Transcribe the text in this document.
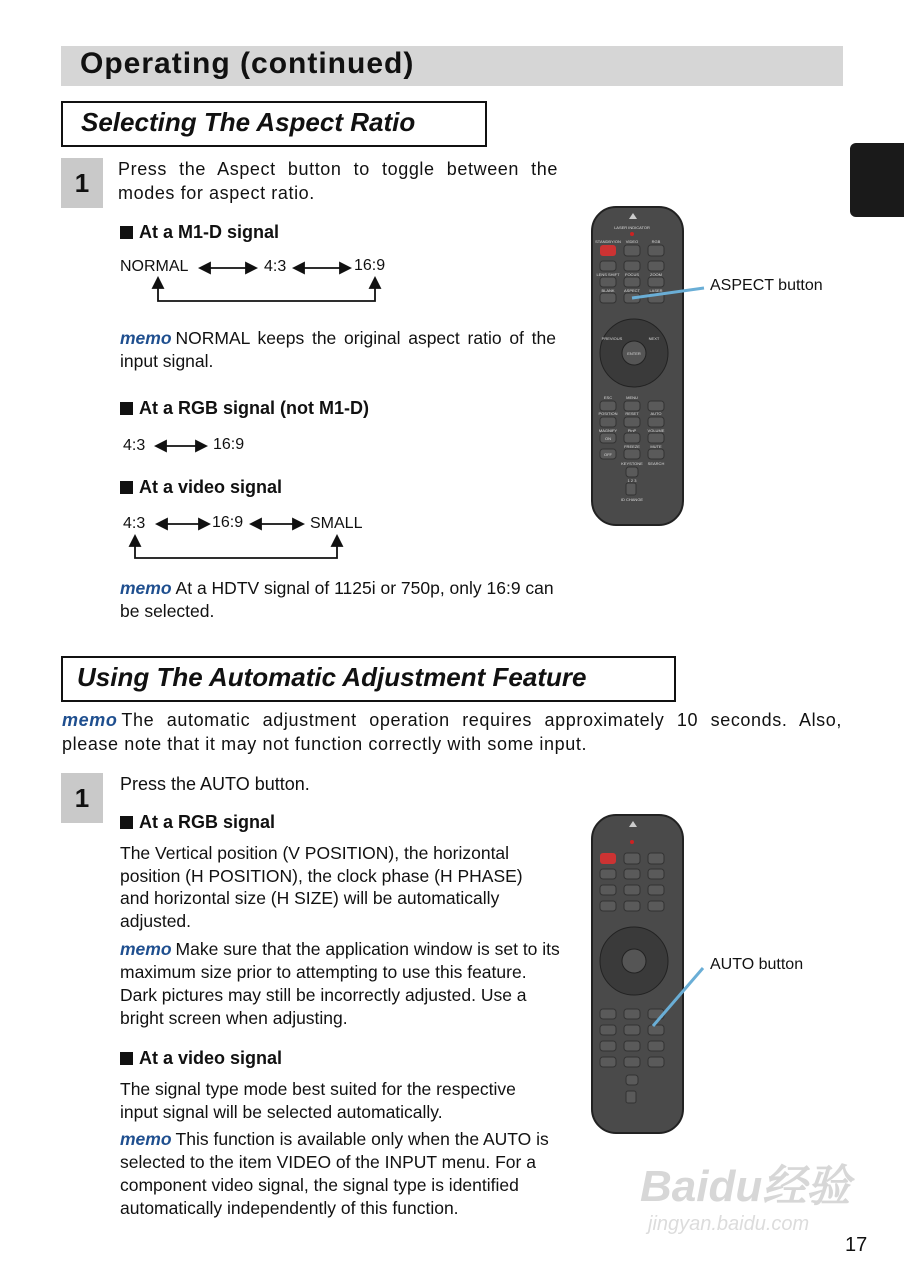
Operating (continued)
Selecting The Aspect Ratio
1	Press the Aspect button to toggle between the modes for aspect ratio.
At a M1-D signal
NORMAL	4:3	16:9
memo NORMAL keeps the original aspect ratio of the input signal.
At a RGB signal (not M1-D)
4:3	16:9
At a video signal
4:3	16:9	SMALL
memo At a HDTV signal of 1125i or 750p, only 16:9 can be selected.
LASER INDICATOR
STANDBY/ON VIDEO	RGB
LENS SHIFT FOCUS	ZOOM
BLANK ASPECT LASER
PREVIOUS	NEXT
ENTER
ESC	MENU
POSITION RESET	AUTO
MAGNIFY	PinP	VOLUME
ON
FREEZE	MUTE
OFF
KEYSTONE SEARCH
1 2 3
ID CHANGE
ASPECT button
Using The Automatic Adjustment Feature
memo The automatic adjustment operation requires approximately 10 seconds. Also, please note that it may not function correctly with some input.
1	Press the AUTO button.
At a RGB signal
The Vertical position (V POSITION), the horizontal position (H POSITION), the clock phase (H PHASE) and horizontal size (H SIZE) will be automatically adjusted.
memo Make sure that the application window is set to its maximum size prior to attempting to use this feature. Dark pictures may still be incorrectly adjusted. Use a bright screen when adjusting.
At a video signal
The signal type mode best suited for the respective input signal will be selected automatically.
memo This function is available only when the AUTO is selected to the item VIDEO of the INPUT menu. For a component video signal, the signal type is identified automatically independently of this function.
AUTO button
Baidu经验
jingyan.baidu.com
17
